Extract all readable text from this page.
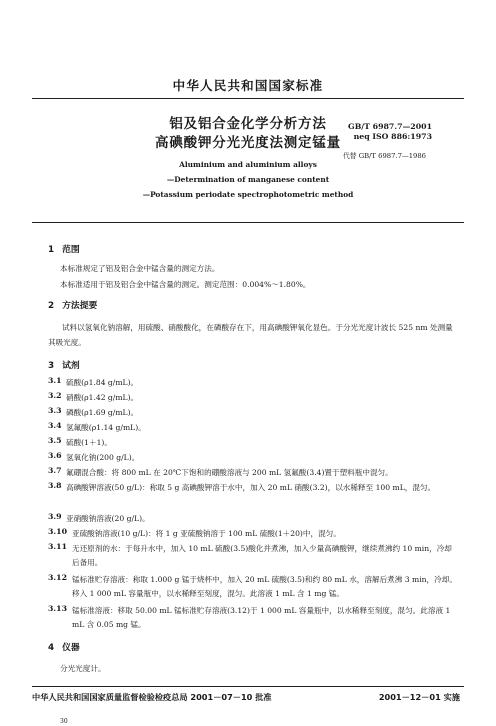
中华人民共和国国家标准
铝及铝合金化学分析方法
高碘酸钾分光光度法测定锰量
GB/T 6987.7—2001
neq ISO 886:1973
代替 GB/T 6987.7—1986
Aluminium and aluminium alloys
—Determination of manganese content
—Potassium periodate spectrophotometric method
1 范围
本标准规定了铝及铝合金中锰含量的测定方法。
本标准适用于铝及铝合金中锰含量的测定。测定范围：0.004%～1.80%。
2 方法提要
试料以氢氧化钠溶解，用硫酸、硝酸酸化，在磷酸存在下，用高碘酸钾氧化显色。于分光光度计波长 525 nm 处测量其吸光度。
3 试剂
3.1 硫酸(ρ1.84 g/mL)。
3.2 硝酸(ρ1.42 g/mL)。
3.3 磷酸(ρ1.69 g/mL)。
3.4 氢氟酸(ρ1.14 g/mL)。
3.5 硫酸(1＋1)。
3.6 氢氧化钠(200 g/L)。
3.7 氟硼混合酸：将 800 mL 在 20℃下饱和的硼酸溶液与 200 mL 氢氟酸(3.4)置于塑料瓶中混匀。
3.8 高碘酸钾溶液(50 g/L)：称取 5 g 高碘酸钾溶于水中，加入 20 mL 硝酸(3.2)，以水稀释至 100 mL，混匀。
3.9 亚硝酸钠溶液(20 g/L)。
3.10 亚硫酸钠溶液(10 g/L)：将 1 g 亚硫酸钠溶于 100 mL 硫酸(1＋20)中，混匀。
3.11 无还原剂的水：于每升水中，加入 10 mL 硫酸(3.5)酸化并煮沸，加入少量高碘酸钾，继续煮沸约 10 min，冷却后备用。
3.12 锰标准贮存溶液：称取 1.000 g 锰于烧杯中，加入 20 mL 硫酸(3.5)和约 80 mL 水，溶解后煮沸 3 min，冷却。移入 1 000 mL 容量瓶中，以水稀释至刻度，混匀。此溶液 1 mL 含 1 mg 锰。
3.13 锰标准溶液：移取 50.00 mL 锰标准贮存溶液(3.12)于 1 000 mL 容量瓶中，以水稀释至刻度，混匀。此溶液 1 mL 含 0.05 mg 锰。
4 仪器
分光光度计。
中华人民共和国国家质量监督检验检疫总局 2001－07－10 批准	2001－12－01 实施
30
